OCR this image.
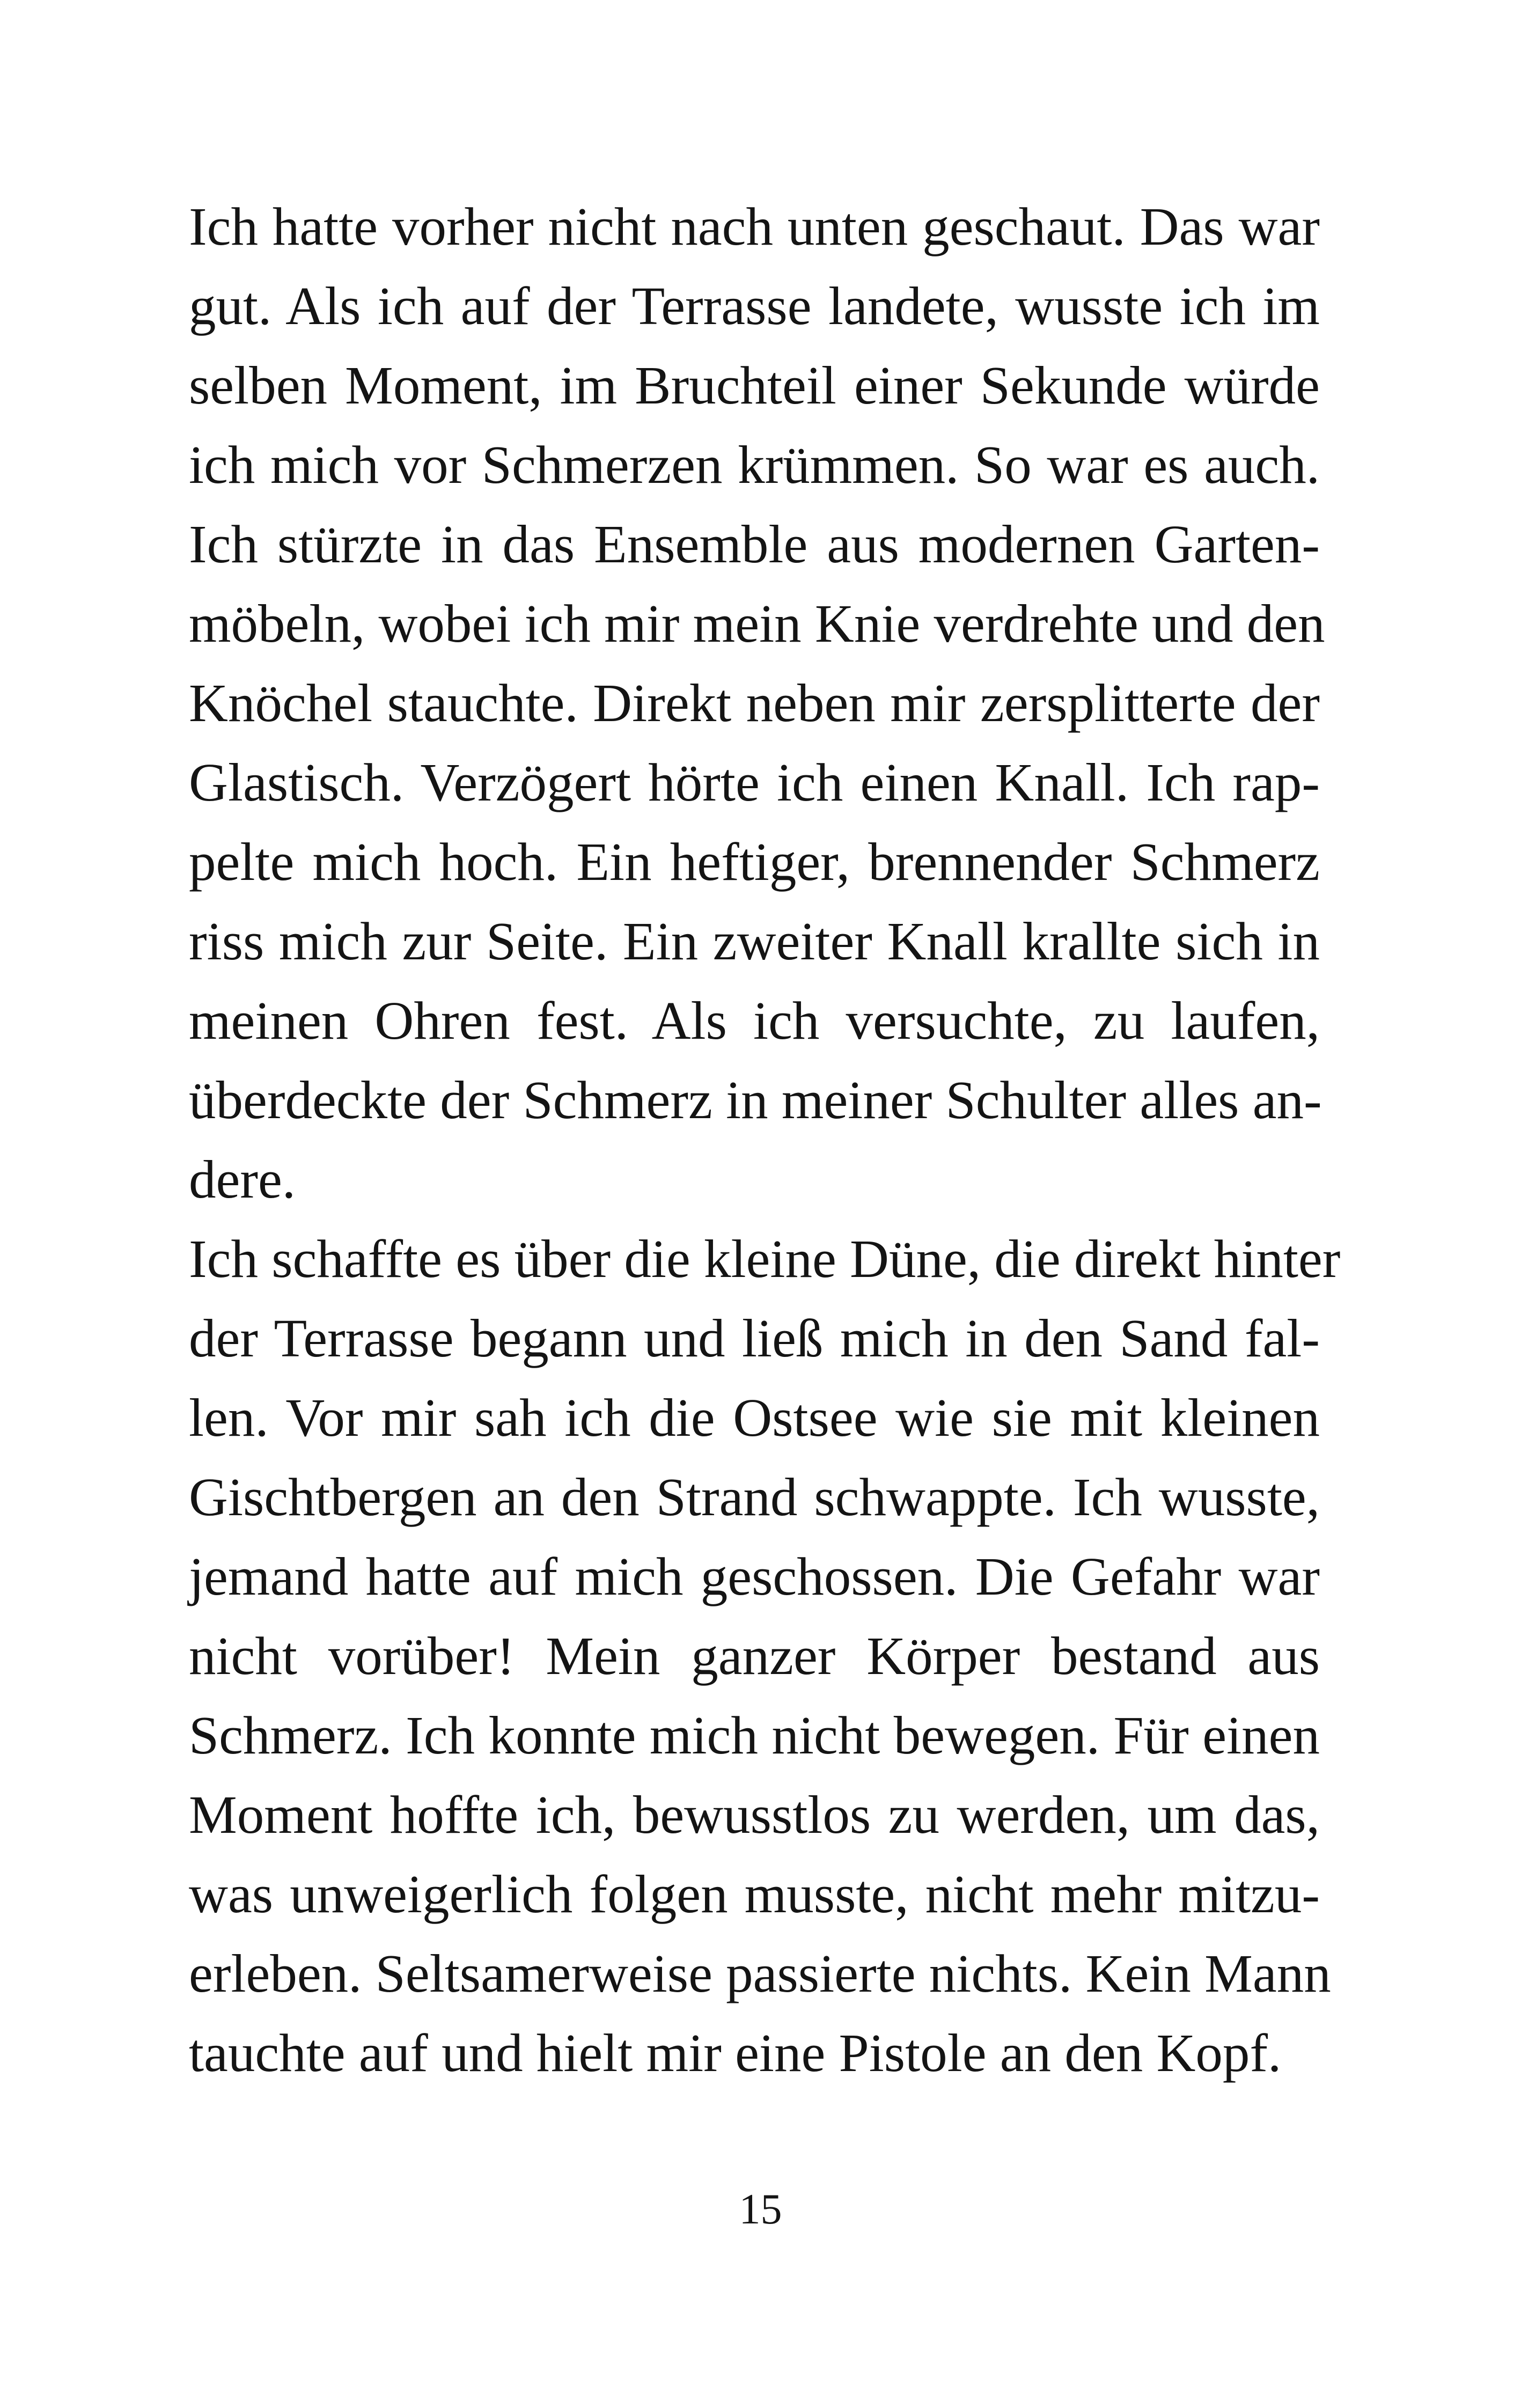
Ich hatte vorher nicht nach unten geschaut. Das war
gut. Als ich auf der Terrasse landete, wusste ich im
selben Moment, im Bruchteil einer Sekunde würde
ich mich vor Schmerzen krümmen. So war es auch.
Ich stürzte in das Ensemble aus modernen Garten-
möbeln, wobei ich mir mein Knie verdrehte und den
Knöchel stauchte. Direkt neben mir zersplitterte der
Glastisch. Verzögert hörte ich einen Knall. Ich rap-
pelte mich hoch. Ein heftiger, brennender Schmerz
riss mich zur Seite. Ein zweiter Knall krallte sich in
meinen Ohren fest. Als ich versuchte, zu laufen,
überdeckte der Schmerz in meiner Schulter alles an-
dere.
Ich schaffte es über die kleine Düne, die direkt hinter
der Terrasse begann und ließ mich in den Sand fal-
len. Vor mir sah ich die Ostsee wie sie mit kleinen
Gischtbergen an den Strand schwappte. Ich wusste,
jemand hatte auf mich geschossen. Die Gefahr war
nicht vorüber! Mein ganzer Körper bestand aus
Schmerz. Ich konnte mich nicht bewegen. Für einen
Moment hoffte ich, bewusstlos zu werden, um das,
was unweigerlich folgen musste, nicht mehr mitzu-
erleben. Seltsamerweise passierte nichts. Kein Mann
tauchte auf und hielt mir eine Pistole an den Kopf.
15
